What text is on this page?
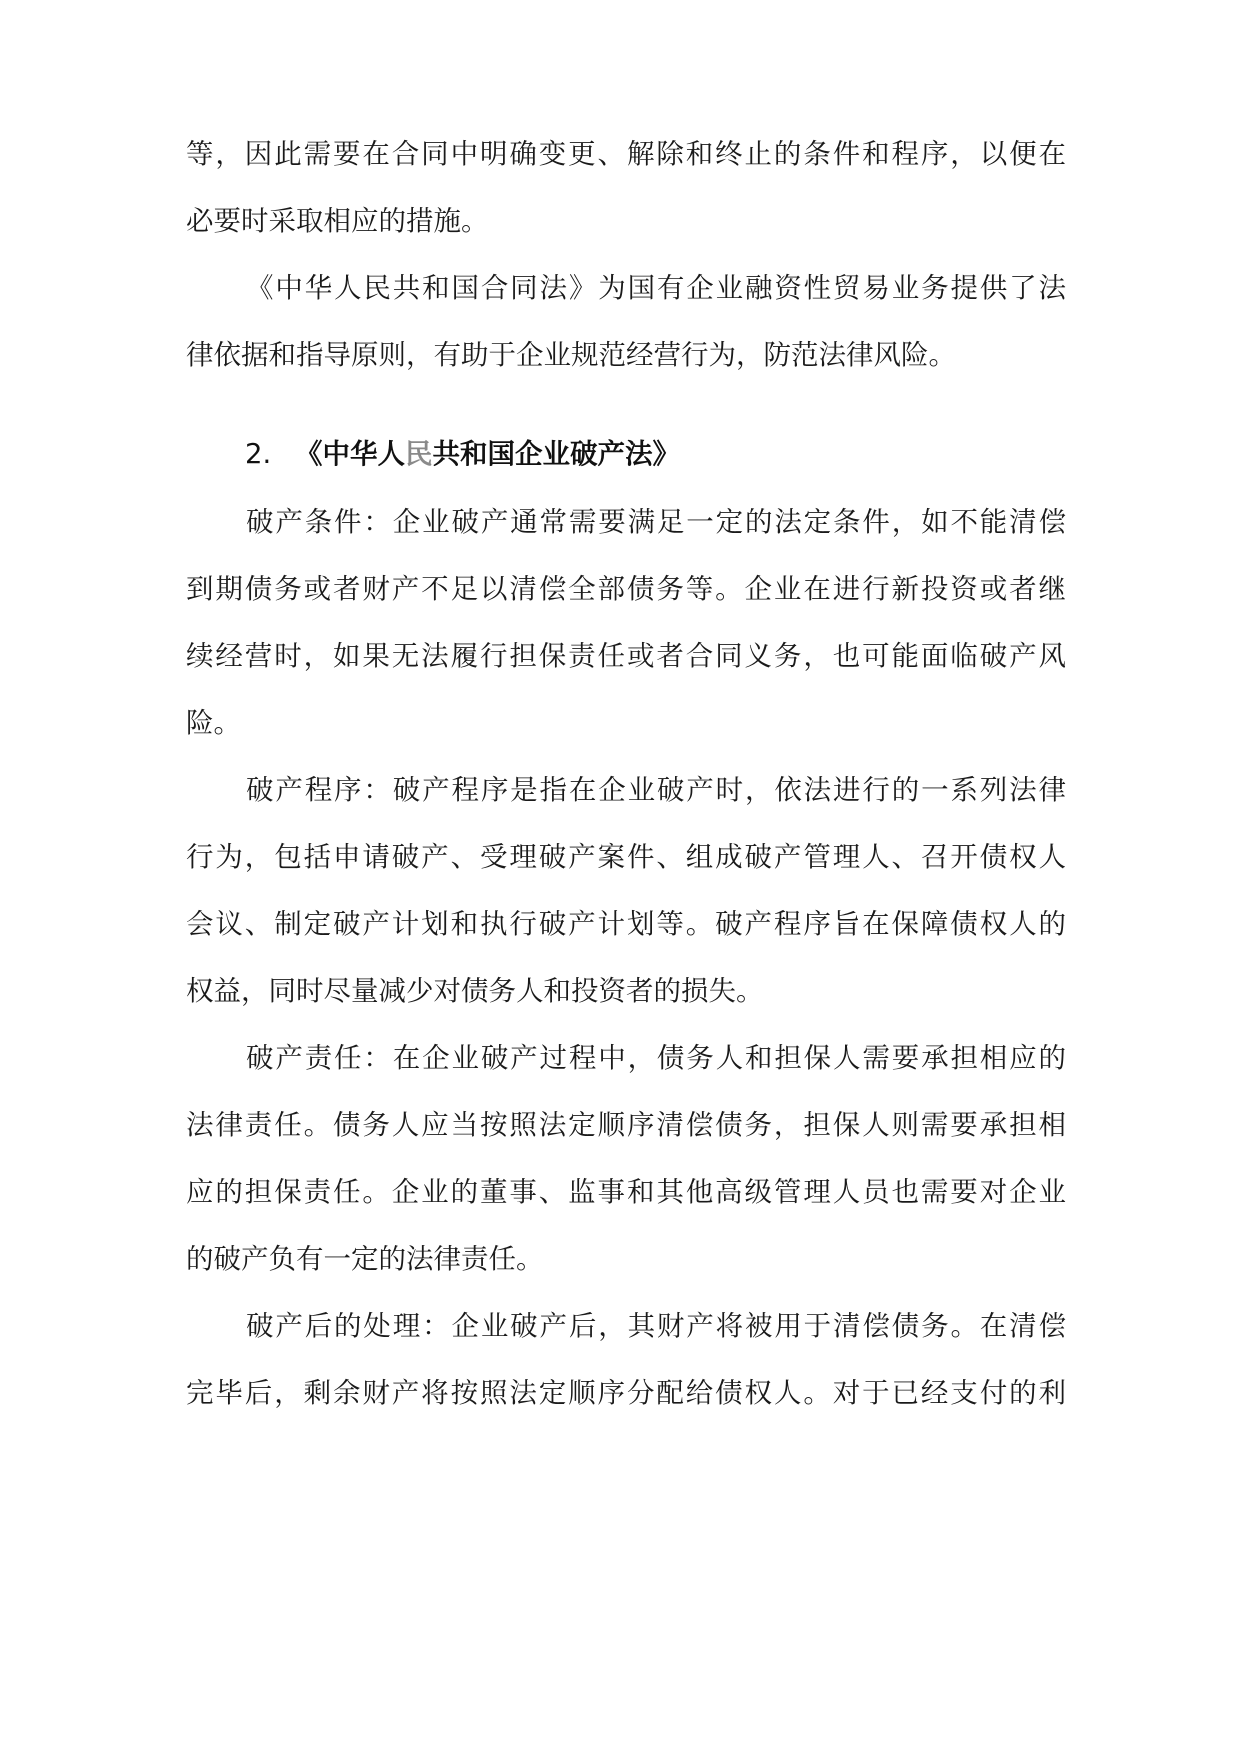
等，因此需要在合同中明确变更、解除和终止的条件和程序，以便在

必要时采取相应的措施。

《中华人民共和国合同法》为国有企业融资性贸易业务提供了法

律依据和指导原则，有助于企业规范经营行为，防范法律风险。

2. 《中华人民共和国企业破产法》

破产条件：企业破产通常需要满足一定的法定条件，如不能清偿

到期债务或者财产不足以清偿全部债务等。企业在进行新投资或者继

续经营时，如果无法履行担保责任或者合同义务，也可能面临破产风

险。

破产程序：破产程序是指在企业破产时，依法进行的一系列法律

行为，包括申请破产、受理破产案件、组成破产管理人、召开债权人

会议、制定破产计划和执行破产计划等。破产程序旨在保障债权人的

权益，同时尽量减少对债务人和投资者的损失。

破产责任：在企业破产过程中，债务人和担保人需要承担相应的

法律责任。债务人应当按照法定顺序清偿债务，担保人则需要承担相

应的担保责任。企业的董事、监事和其他高级管理人员也需要对企业

的破产负有一定的法律责任。

破产后的处理：企业破产后，其财产将被用于清偿债务。在清偿

完毕后，剩余财产将按照法定顺序分配给债权人。对于已经支付的利
